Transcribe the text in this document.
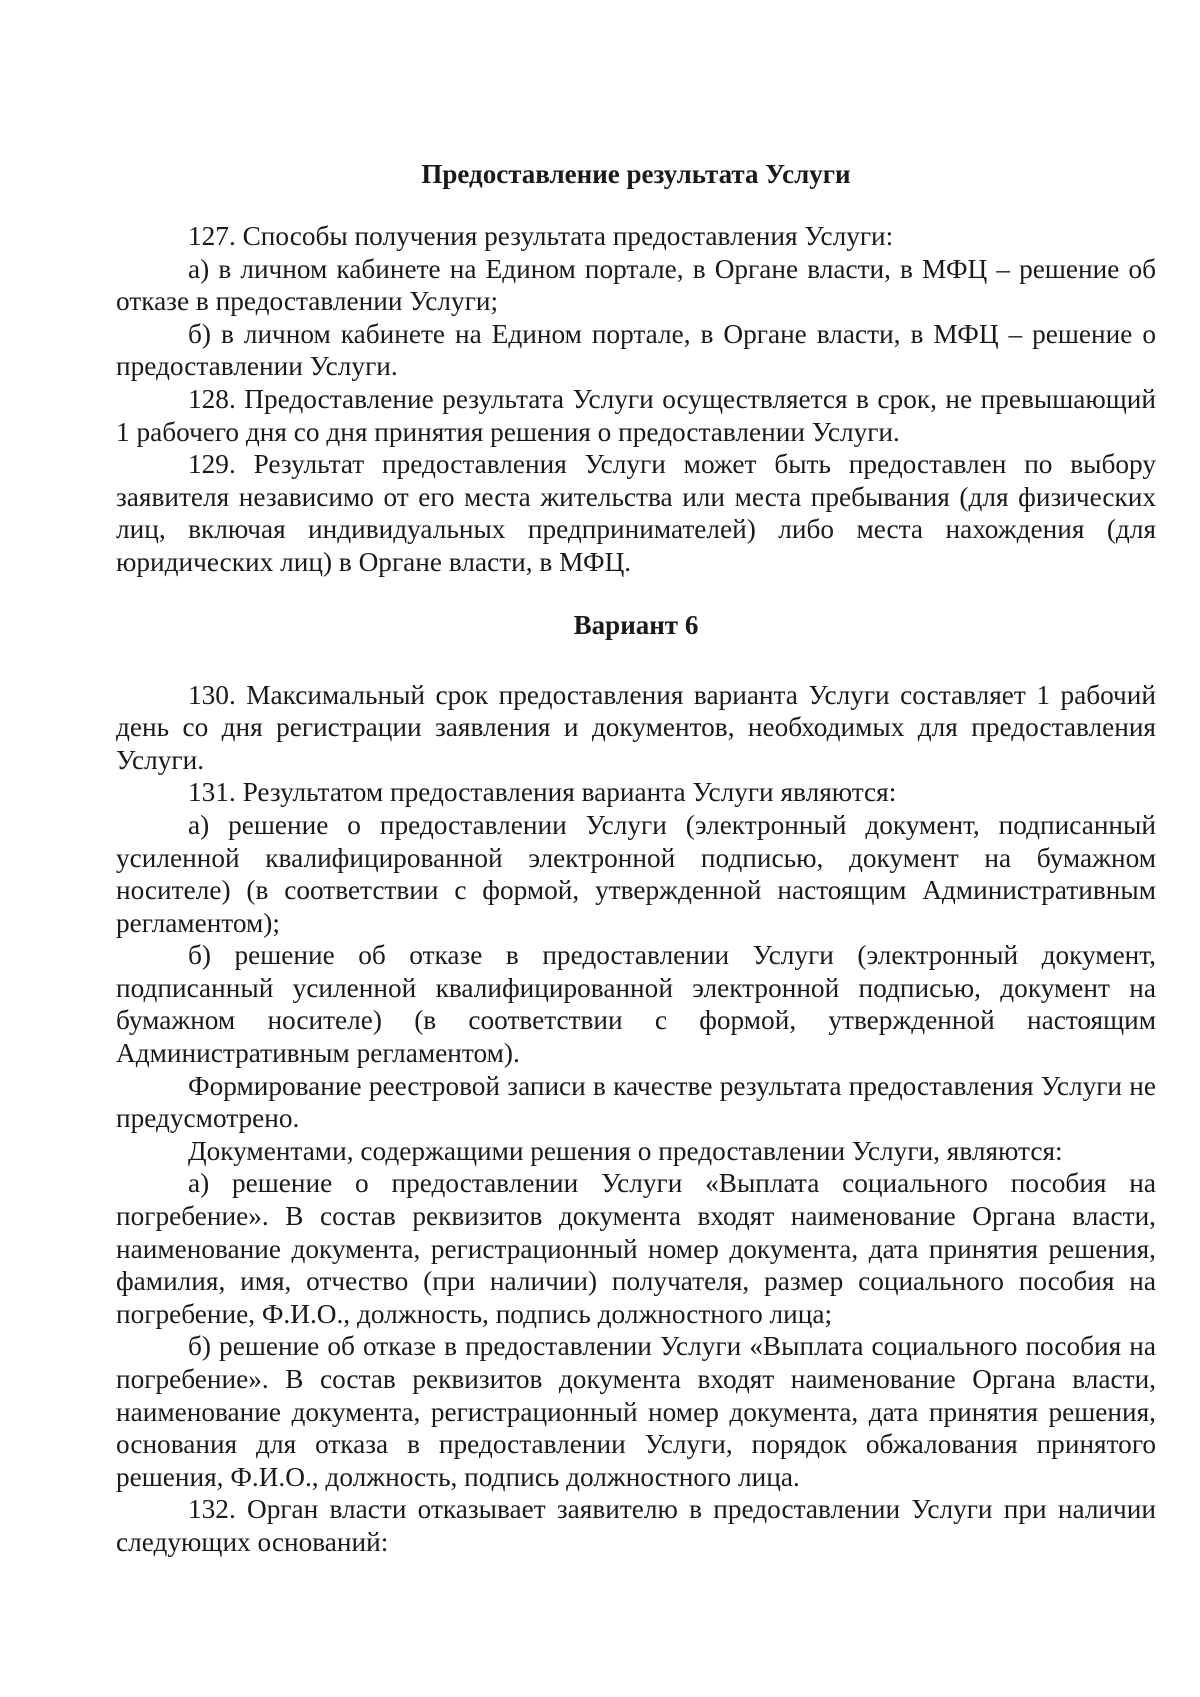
Предоставление результата Услуги

127. Способы получения результата предоставления Услуги:

а) в личном кабинете на Едином портале, в Органе власти, в МФЦ – решение об отказе в предоставлении Услуги;

б) в личном кабинете на Едином портале, в Органе власти, в МФЦ – решение о предоставлении Услуги.

128. Предоставление результата Услуги осуществляется в срок, не превышающий 1 рабочего дня со дня принятия решения о предоставлении Услуги.

129. Результат предоставления Услуги может быть предоставлен по выбору заявителя независимо от его места жительства или места пребывания (для физических лиц, включая индивидуальных предпринимателей) либо места нахождения (для юридических лиц) в Органе власти, в МФЦ.

Вариант 6

130. Максимальный срок предоставления варианта Услуги составляет 1 рабочий день со дня регистрации заявления и документов, необходимых для предоставления Услуги.

131. Результатом предоставления варианта Услуги являются:

а) решение о предоставлении Услуги (электронный документ, подписанный усиленной квалифицированной электронной подписью, документ на бумажном носителе) (в соответствии с формой, утвержденной настоящим Административным регламентом);

б) решение об отказе в предоставлении Услуги (электронный документ, подписанный усиленной квалифицированной электронной подписью, документ на бумажном носителе) (в соответствии с формой, утвержденной настоящим Административным регламентом).

Формирование реестровой записи в качестве результата предоставления Услуги не предусмотрено.

Документами, содержащими решения о предоставлении Услуги, являются:

а) решение о предоставлении Услуги «Выплата социального пособия на погребение». В состав реквизитов документа входят наименование Органа власти, наименование документа, регистрационный номер документа, дата принятия решения, фамилия, имя, отчество (при наличии) получателя, размер социального пособия на погребение, Ф.И.О., должность, подпись должностного лица;

б) решение об отказе в предоставлении Услуги «Выплата социального пособия на погребение». В состав реквизитов документа входят наименование Органа власти, наименование документа, регистрационный номер документа, дата принятия решения, основания для отказа в предоставлении Услуги, порядок обжалования принятого решения, Ф.И.О., должность, подпись должностного лица.

132. Орган власти отказывает заявителю в предоставлении Услуги при наличии следующих оснований:
